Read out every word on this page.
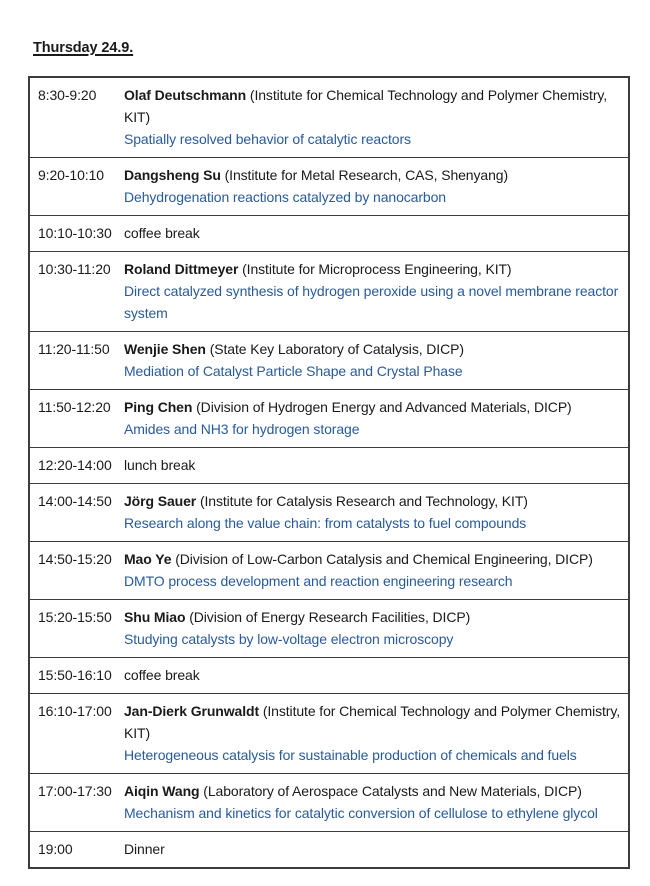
Thursday 24.9.
8:30-9:20	Olaf Deutschmann (Institute for Chemical Technology and Polymer Chemistry, KIT)
Spatially resolved behavior of catalytic reactors
9:20-10:10	Dangsheng Su (Institute for Metal Research, CAS, Shenyang)
Dehydrogenation reactions catalyzed by nanocarbon
10:10-10:30 coffee break
10:30-11:20 Roland Dittmeyer (Institute for Microprocess Engineering, KIT)
Direct catalyzed synthesis of hydrogen peroxide using a novel membrane reactor system
11:20-11:50	Wenjie Shen (State Key Laboratory of Catalysis, DICP)
Mediation of Catalyst Particle Shape and Crystal Phase
11:50-12:20 Ping Chen (Division of Hydrogen Energy and Advanced Materials, DICP)
Amides and NH3 for hydrogen storage
12:20-14:00 lunch break
14:00-14:50 Jörg Sauer (Institute for Catalysis Research and Technology, KIT)
Research along the value chain: from catalysts to fuel compounds
14:50-15:20 Mao Ye (Division of Low-Carbon Catalysis and Chemical Engineering, DICP)
DMTO process development and reaction engineering research
15:20-15:50 Shu Miao (Division of Energy Research Facilities, DICP)
Studying catalysts by low-voltage electron microscopy
15:50-16:10 coffee break
16:10-17:00 Jan-Dierk Grunwaldt (Institute for Chemical Technology and Polymer Chemistry, KIT)
Heterogeneous catalysis for sustainable production of chemicals and fuels
17:00-17:30 Aiqin Wang (Laboratory of Aerospace Catalysts and New Materials, DICP)
Mechanism and kinetics for catalytic conversion of cellulose to ethylene glycol
19:00	Dinner
